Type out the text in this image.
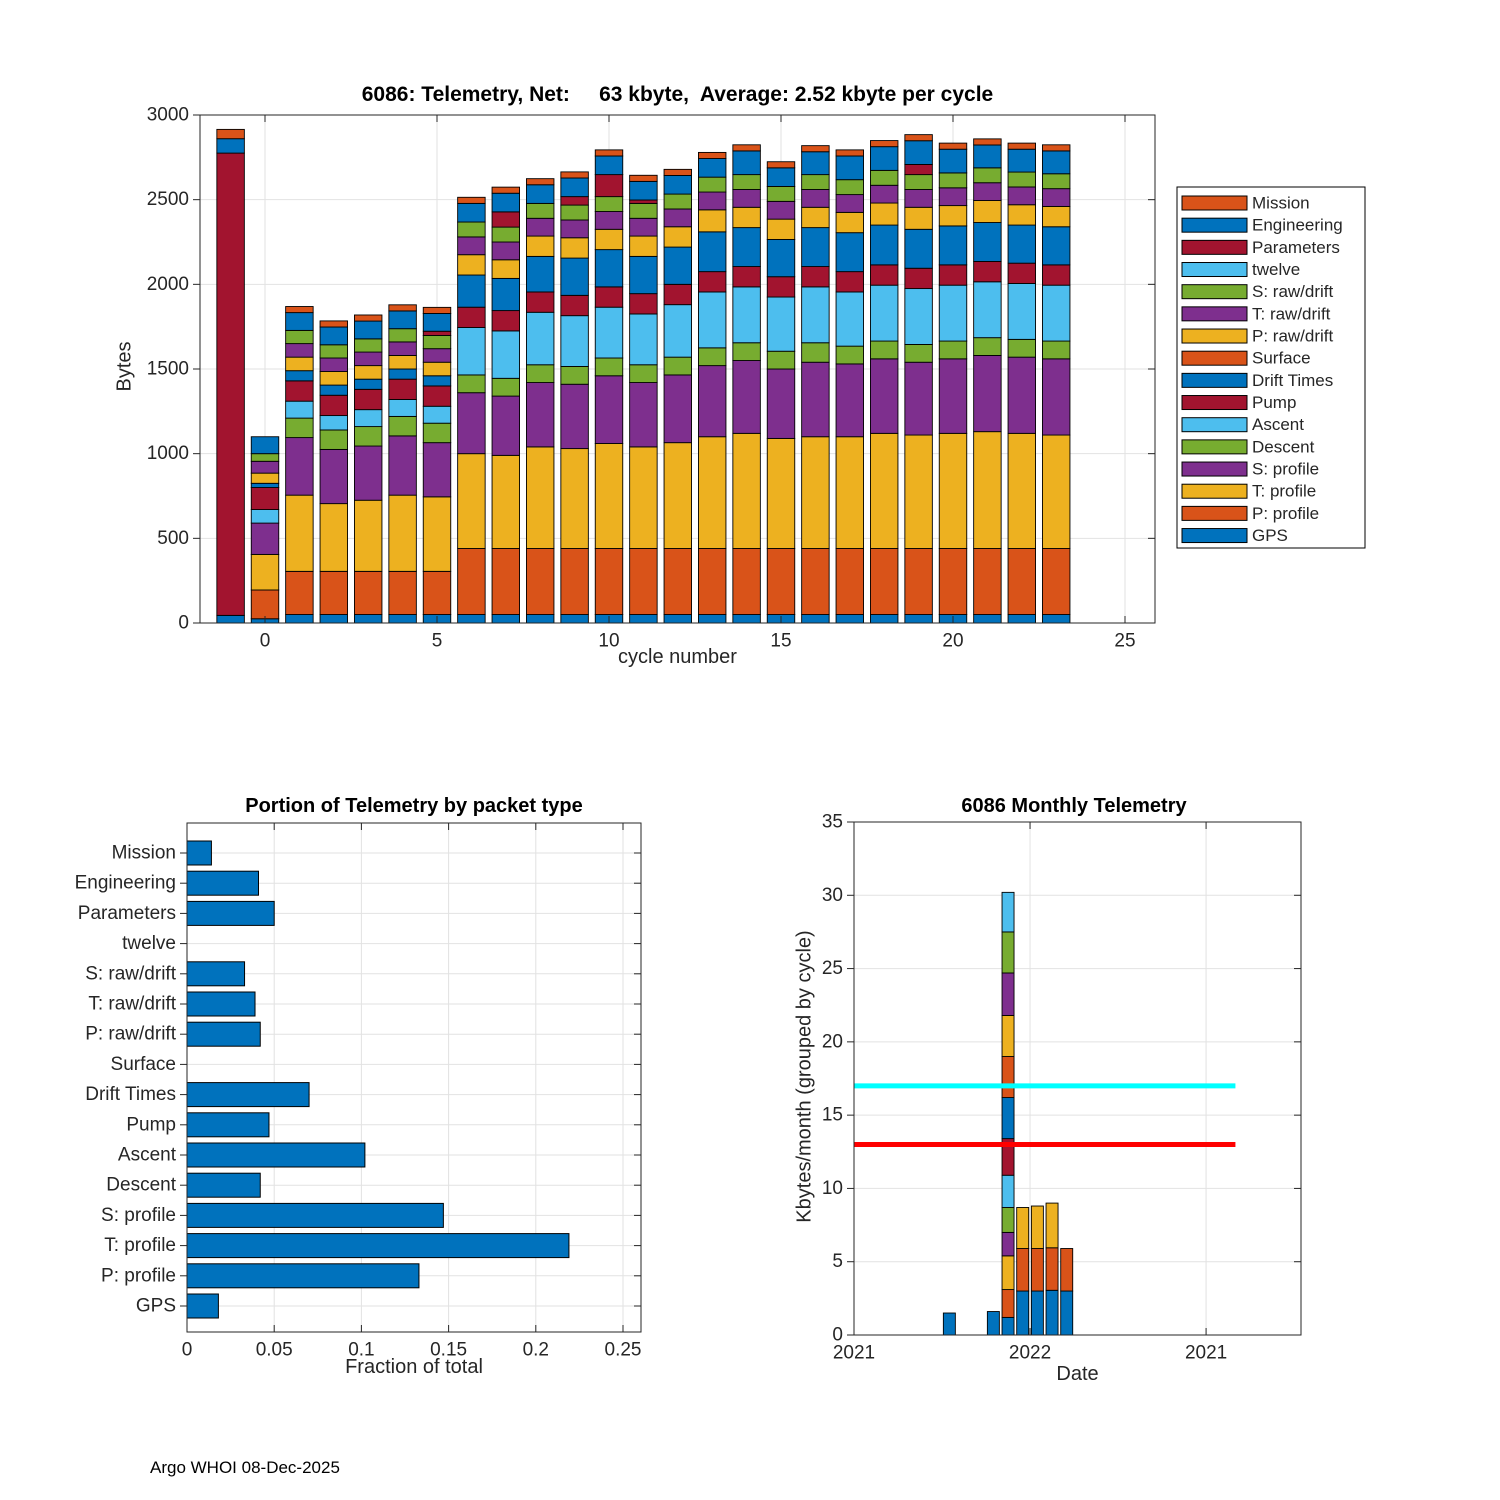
0	5	10	15	20	25
0
500
1000
1500
2000
2500
3000
0	0.05	0.1	0.15	0.2	0.25
Mission
Engineering
Parameters
twelve
S: raw/drift
T: raw/drift
P: raw/drift
Surface
Drift Times
Pump
Ascent
Descent
S: profile
T: profile
P: profile
GPS
2021	2022	2021
0
5
10
15
20
25
30
35
Mission
Engineering
Parameters
twelve
S: raw/drift
T: raw/drift
P: raw/drift
Surface
Drift Times
Pump
Ascent
Descent
S: profile
T: profile
P: profile
GPS
6086: Telemetry, Net:     63 kbyte,  Average: 2.52 kbyte per cycle
Bytes
cycle number
Portion of Telemetry by packet type
Fraction of total
6086 Monthly Telemetry
Kbytes/month (grouped by cycle)
Date
Argo WHOI 08-Dec-2025
